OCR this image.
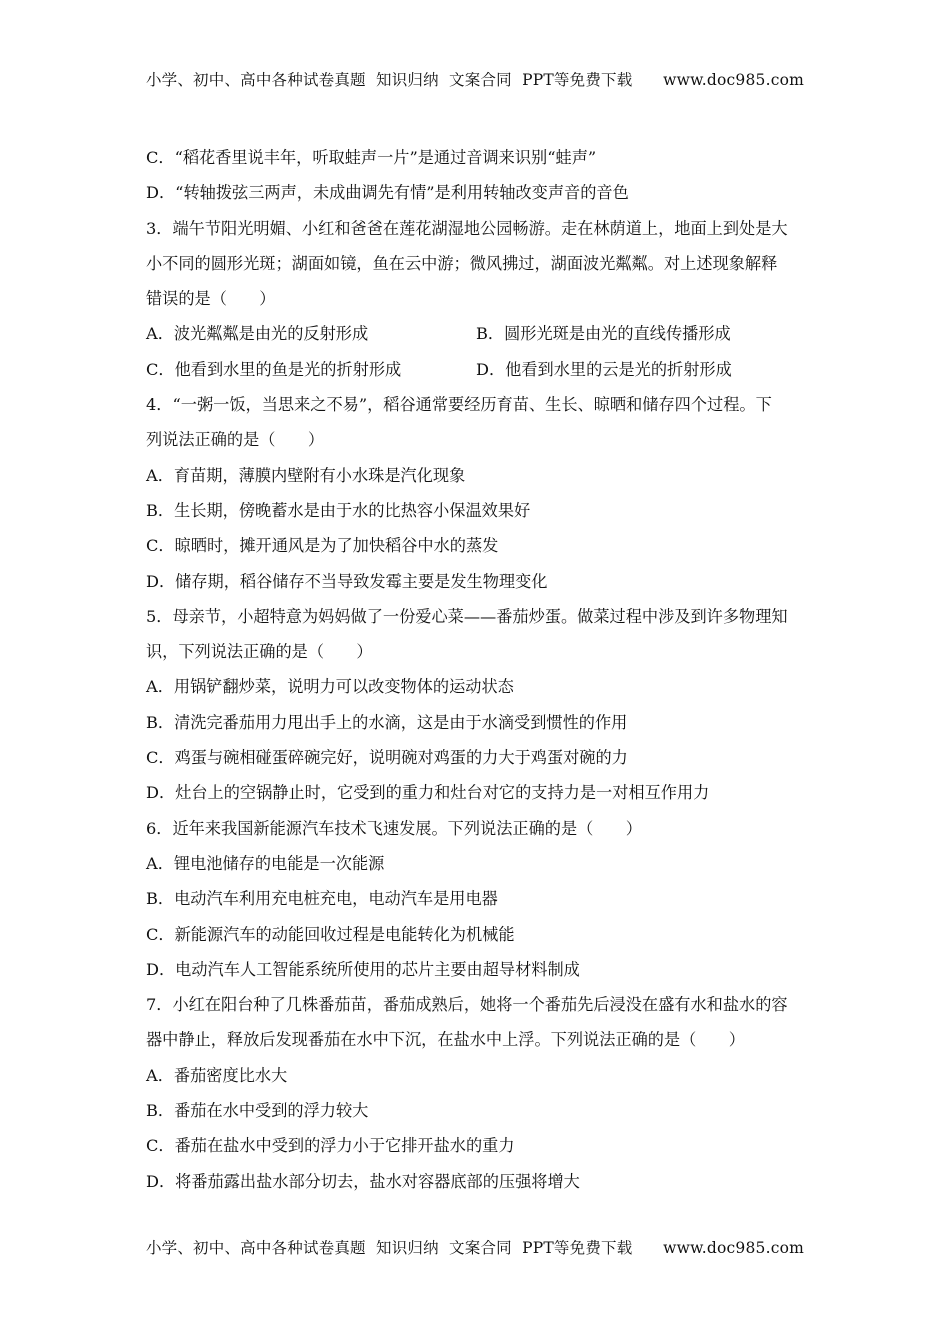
小学、初中、高中各种试卷真题  知识归纳  文案合同  PPT等免费下载      www.doc985.com
C．“稻花香里说丰年，听取蛙声一片”是通过音调来识别“蛙声”
D．“转轴拨弦三两声，未成曲调先有情”是利用转轴改变声音的音色
3．端午节阳光明媚、小红和爸爸在莲花湖湿地公园畅游。走在林荫道上，地面上到处是大
小不同的圆形光斑；湖面如镜，鱼在云中游；微风拂过，湖面波光粼粼。对上述现象解释
错误的是（　　）
A．波光粼粼是由光的反射形成	B．圆形光斑是由光的直线传播形成
C．他看到水里的鱼是光的折射形成	D．他看到水里的云是光的折射形成
4．“一粥一饭，当思来之不易”，稻谷通常要经历育苗、生长、晾晒和储存四个过程。下
列说法正确的是（　　）
A．育苗期，薄膜内壁附有小水珠是汽化现象
B．生长期，傍晚蓄水是由于水的比热容小保温效果好
C．晾晒时，摊开通风是为了加快稻谷中水的蒸发
D．储存期，稻谷储存不当导致发霉主要是发生物理变化
5．母亲节，小超特意为妈妈做了一份爱心菜——番茄炒蛋。做菜过程中涉及到许多物理知
识，下列说法正确的是（　　）
A．用锅铲翻炒菜，说明力可以改变物体的运动状态
B．清洗完番茄用力甩出手上的水滴，这是由于水滴受到惯性的作用
C．鸡蛋与碗相碰蛋碎碗完好，说明碗对鸡蛋的力大于鸡蛋对碗的力
D．灶台上的空锅静止时，它受到的重力和灶台对它的支持力是一对相互作用力
6．近年来我国新能源汽车技术飞速发展。下列说法正确的是（　　）
A．锂电池储存的电能是一次能源
B．电动汽车利用充电桩充电，电动汽车是用电器
C．新能源汽车的动能回收过程是电能转化为机械能
D．电动汽车人工智能系统所使用的芯片主要由超导材料制成
7．小红在阳台种了几株番茄苗，番茄成熟后，她将一个番茄先后浸没在盛有水和盐水的容
器中静止，释放后发现番茄在水中下沉，在盐水中上浮。下列说法正确的是（　　）
A．番茄密度比水大
B．番茄在水中受到的浮力较大
C．番茄在盐水中受到的浮力小于它排开盐水的重力
D．将番茄露出盐水部分切去，盐水对容器底部的压强将增大
小学、初中、高中各种试卷真题  知识归纳  文案合同  PPT等免费下载      www.doc985.com
